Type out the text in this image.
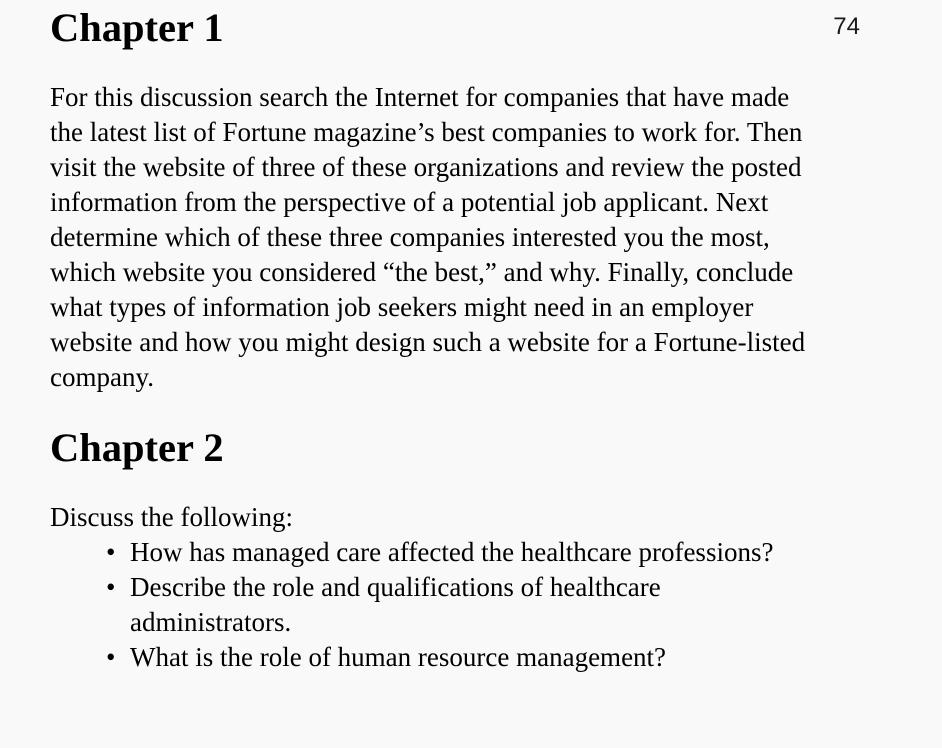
74
Chapter 1

For this discussion search the Internet for companies that have made the latest list of Fortune magazine’s best companies to work for. Then visit the website of three of these organizations and review the posted information from the perspective of a potential job applicant. Next determine which of these three companies interested you the most, which website you considered “the best,” and why. Finally, conclude what types of information job seekers might need in an employer website and how you might design such a website for a Fortune-listed company.

Chapter 2

Discuss the following:

• How has managed care affected the healthcare professions?
• Describe the role and qualifications of healthcare administrators.
• What is the role of human resource management?
